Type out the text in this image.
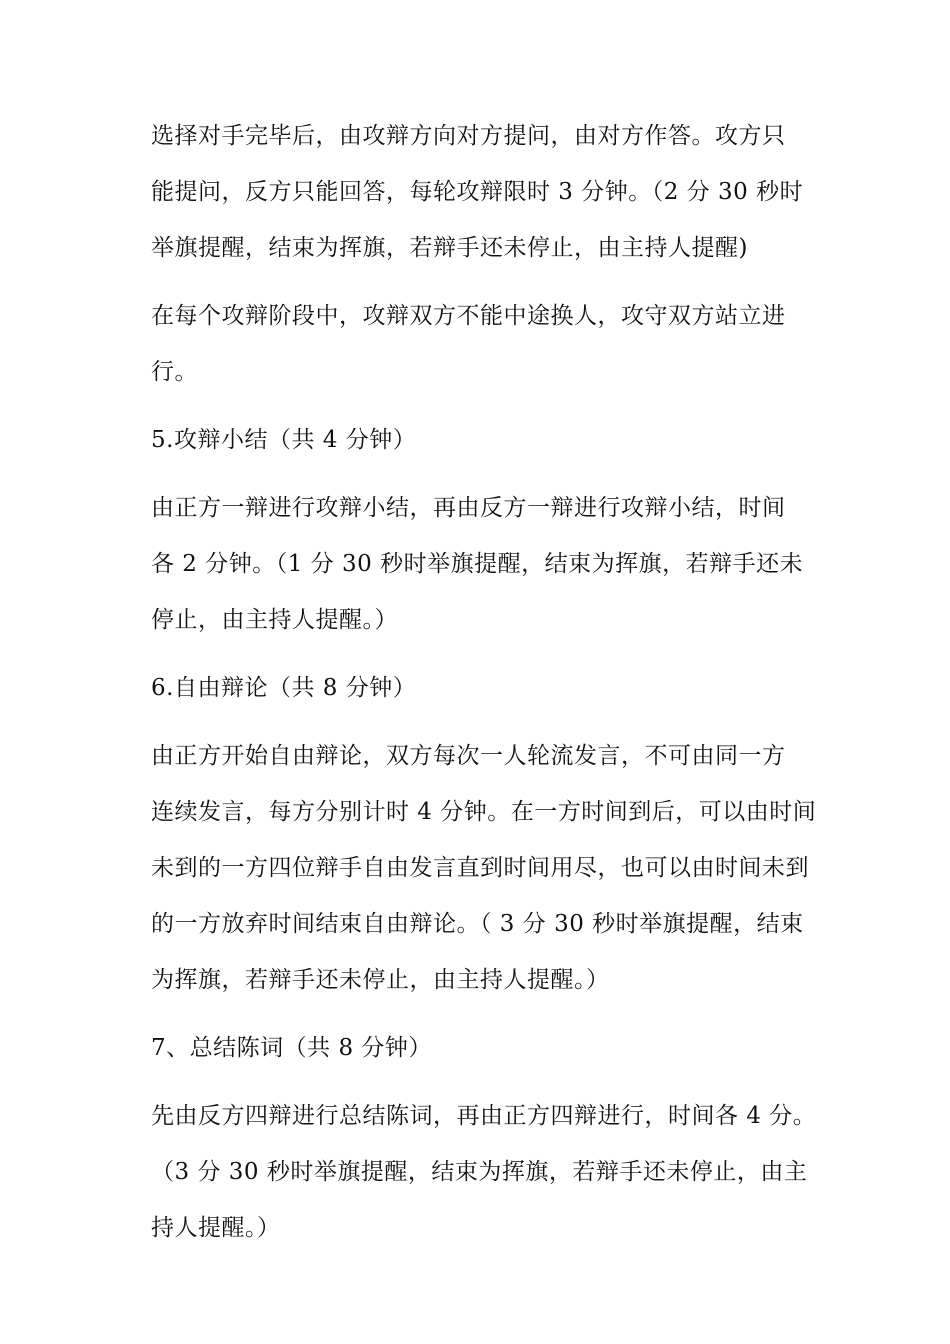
选择对手完毕后，由攻辩方向对方提问，由对方作答。攻方只
能提问，反方只能回答，每轮攻辩限时 3 分钟。（2 分 30 秒时
举旗提醒，结束为挥旗，若辩手还未停止，由主持人提醒)
在每个攻辩阶段中，攻辩双方不能中途换人，攻守双方站立进
行。
5.攻辩小结（共 4 分钟）
由正方一辩进行攻辩小结，再由反方一辩进行攻辩小结，时间
各 2 分钟。（1 分 30 秒时举旗提醒，结束为挥旗，若辩手还未
停止，由主持人提醒。）
6.自由辩论（共 8 分钟）
由正方开始自由辩论，双方每次一人轮流发言，不可由同一方
连续发言，每方分别计时 4 分钟。在一方时间到后，可以由时间
未到的一方四位辩手自由发言直到时间用尽，也可以由时间未到
的一方放弃时间结束自由辩论。（ 3 分 30 秒时举旗提醒，结束
为挥旗，若辩手还未停止，由主持人提醒。）
7、总结陈词（共 8 分钟）
先由反方四辩进行总结陈词，再由正方四辩进行，时间各 4 分。
（3 分 30 秒时举旗提醒，结束为挥旗，若辩手还未停止，由主
持人提醒。）
